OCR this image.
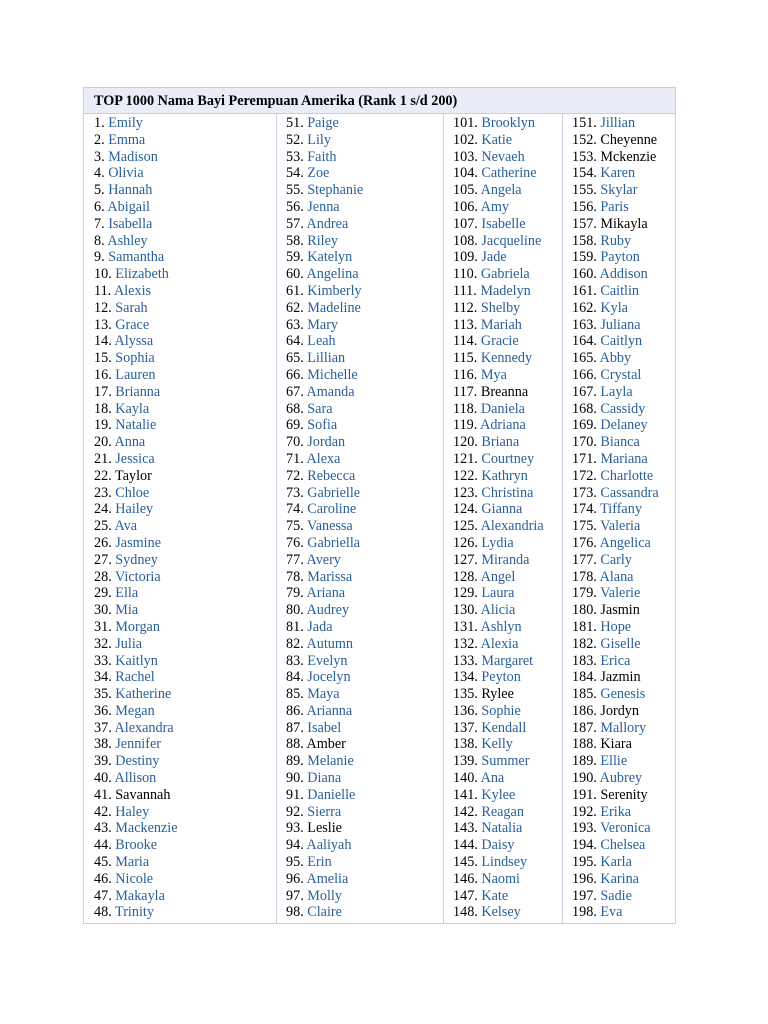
TOP 1000 Nama Bayi Perempuan Amerika (Rank 1 s/d 200)
1. Emily
2. Emma
3. Madison
4. Olivia
5. Hannah
6. Abigail
7. Isabella
8. Ashley
9. Samantha
10. Elizabeth
11. Alexis
12. Sarah
13. Grace
14. Alyssa
15. Sophia
16. Lauren
17. Brianna
18. Kayla
19. Natalie
20. Anna
21. Jessica
22. Taylor
23. Chloe
24. Hailey
25. Ava
26. Jasmine
27. Sydney
28. Victoria
29. Ella
30. Mia
31. Morgan
32. Julia
33. Kaitlyn
34. Rachel
35. Katherine
36. Megan
37. Alexandra
38. Jennifer
39. Destiny
40. Allison
41. Savannah
42. Haley
43. Mackenzie
44. Brooke
45. Maria
46. Nicole
47. Makayla
48. Trinity
51. Paige
52. Lily
53. Faith
54. Zoe
55. Stephanie
56. Jenna
57. Andrea
58. Riley
59. Katelyn
60. Angelina
61. Kimberly
62. Madeline
63. Mary
64. Leah
65. Lillian
66. Michelle
67. Amanda
68. Sara
69. Sofia
70. Jordan
71. Alexa
72. Rebecca
73. Gabrielle
74. Caroline
75. Vanessa
76. Gabriella
77. Avery
78. Marissa
79. Ariana
80. Audrey
81. Jada
82. Autumn
83. Evelyn
84. Jocelyn
85. Maya
86. Arianna
87. Isabel
88. Amber
89. Melanie
90. Diana
91. Danielle
92. Sierra
93. Leslie
94. Aaliyah
95. Erin
96. Amelia
97. Molly
98. Claire
101. Brooklyn
102. Katie
103. Nevaeh
104. Catherine
105. Angela
106. Amy
107. Isabelle
108. Jacqueline
109. Jade
110. Gabriela
111. Madelyn
112. Shelby
113. Mariah
114. Gracie
115. Kennedy
116. Mya
117. Breanna
118. Daniela
119. Adriana
120. Briana
121. Courtney
122. Kathryn
123. Christina
124. Gianna
125. Alexandria
126. Lydia
127. Miranda
128. Angel
129. Laura
130. Alicia
131. Ashlyn
132. Alexia
133. Margaret
134. Peyton
135. Rylee
136. Sophie
137. Kendall
138. Kelly
139. Summer
140. Ana
141. Kylee
142. Reagan
143. Natalia
144. Daisy
145. Lindsey
146. Naomi
147. Kate
148. Kelsey
151. Jillian
152. Cheyenne
153. Mckenzie
154. Karen
155. Skylar
156. Paris
157. Mikayla
158. Ruby
159. Payton
160. Addison
161. Caitlin
162. Kyla
163. Juliana
164. Caitlyn
165. Abby
166. Crystal
167. Layla
168. Cassidy
169. Delaney
170. Bianca
171. Mariana
172. Charlotte
173. Cassandra
174. Tiffany
175. Valeria
176. Angelica
177. Carly
178. Alana
179. Valerie
180. Jasmin
181. Hope
182. Giselle
183. Erica
184. Jazmin
185. Genesis
186. Jordyn
187. Mallory
188. Kiara
189. Ellie
190. Aubrey
191. Serenity
192. Erika
193. Veronica
194. Chelsea
195. Karla
196. Karina
197. Sadie
198. Eva
